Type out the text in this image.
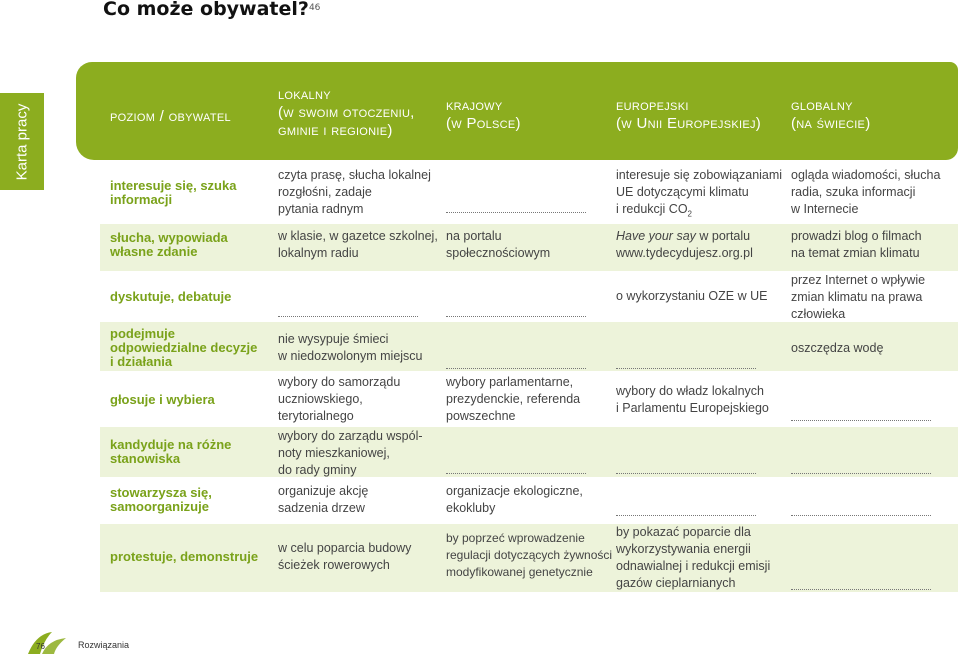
Co może obywatel?$^{46}$
Karta pracy	poziom / obywatel
lokalny
(w swoim otoczeniu,
gminie i regionie)
krajowy
(w Polsce)
europejski
(w Unii Europejskiej)
globalny
(na świecie)
interesuje się, szuka
informacji
słucha, wypowiada
własne zdanie
dyskutuje, debatuje
podejmuje
odpowiedzialne decyzje
i działania
głosuje i wybiera
kandyduje na różne
stanowiska
stowarzysza się,
samoorganizuje
protestuje, demonstruje
czyta prasę, słucha lokalnej
rozgłośni, zadaje
pytania radnym
interesuje się zobowiązaniami
UE dotyczącymi klimatu
i redukcji $CO_2$
ogląda wiadomości, słucha
radia, szuka informacji
w Internecie
w klasie, w gazetce szkolnej,
lokalnym radiu
na portalu
społecznościowym
Have your say w portalu
www.tydecydujesz.org.pl
prowadzi blog o filmach
na temat zmian klimatu
o wykorzystaniu OZE w UE
przez Internet o wpływie
zmian klimatu na prawa
człowieka
nie wysypuje śmieci
w niedozwolonym miejscu
oszczędza wodę
wybory do samorządu
uczniowskiego,
terytorialnego
wybory parlamentarne,
prezydenckie, referenda
powszechne
wybory do władz lokalnych
i Parlamentu Europejskiego
wybory do zarządu wspól-
noty mieszkaniowej,
do rady gminy
organizuje akcję
sadzenia drzew
organizacje ekologiczne,
ekokluby
w celu poparcia budowy
ścieżek rowerowych
by poprzeć wprowadzenie
regulacji dotyczących żywności
modyfikowanej genetycznie
by pokazać poparcie dla
wykorzystywania energii
odnawialnej i redukcji emisji
gazów cieplarnianych
76	Rozwiązania
